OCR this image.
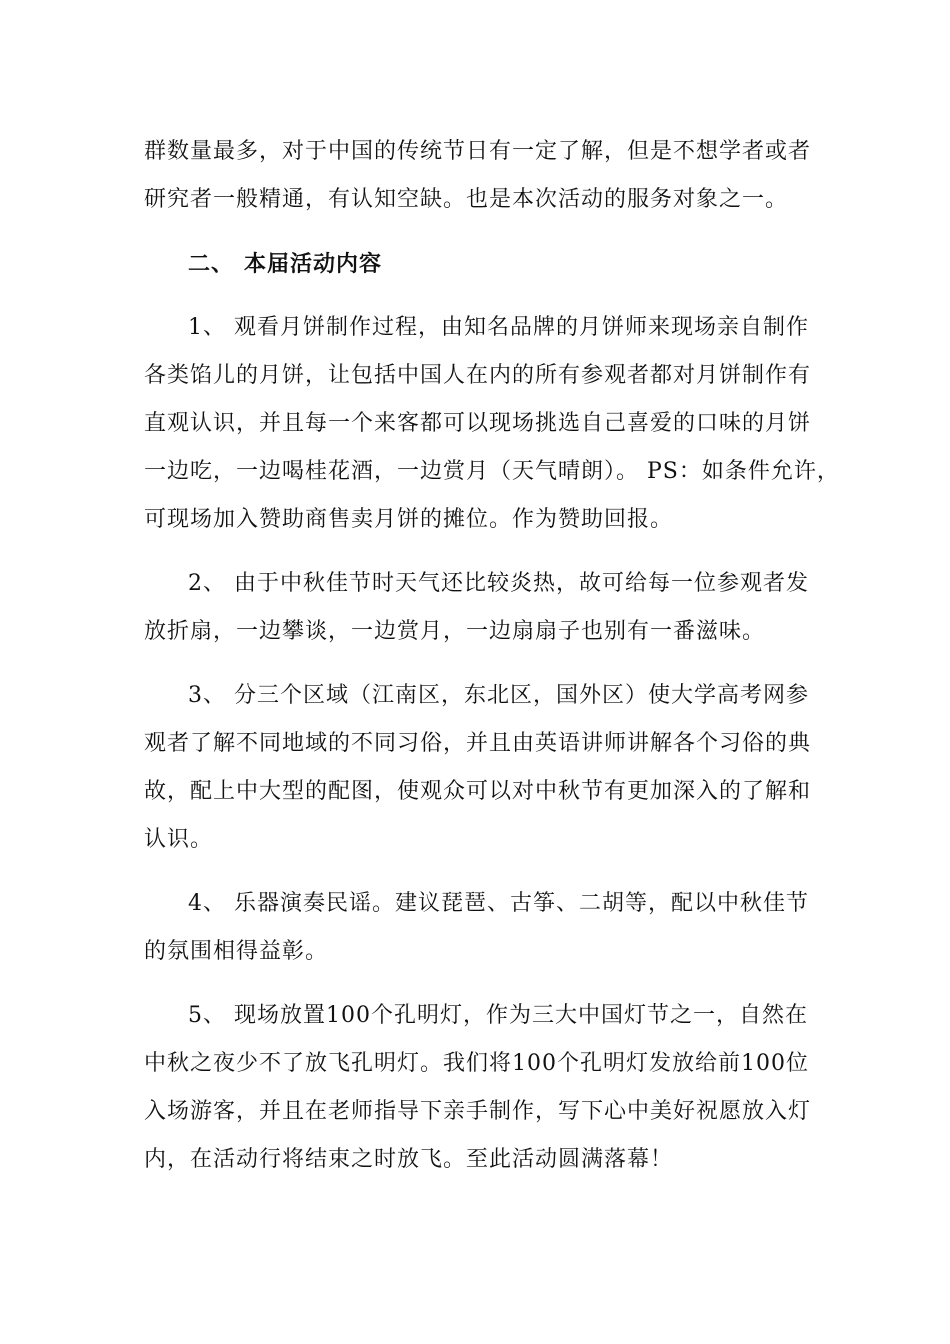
群数量最多，对于中国的传统节日有一定了解，但是不想学者或者
研究者一般精通，有认知空缺。也是本次活动的服务对象之一。
二、 本届活动内容
1、 观看月饼制作过程，由知名品牌的月饼师来现场亲自制作
各类馅儿的月饼，让包括中国人在内的所有参观者都对月饼制作有
直观认识，并且每一个来客都可以现场挑选自己喜爱的口味的月饼
一边吃，一边喝桂花酒，一边赏月（天气晴朗）。 PS：如条件允许，
可现场加入赞助商售卖月饼的摊位。作为赞助回报。
2、 由于中秋佳节时天气还比较炎热，故可给每一位参观者发
放折扇，一边攀谈，一边赏月，一边扇扇子也别有一番滋味。
3、 分三个区域（江南区，东北区，国外区）使大学高考网参
观者了解不同地域的不同习俗，并且由英语讲师讲解各个习俗的典
故，配上中大型的配图，使观众可以对中秋节有更加深入的了解和
认识。
4、 乐器演奏民谣。建议琵琶、古筝、二胡等，配以中秋佳节
的氛围相得益彰。
5、 现场放置100个孔明灯，作为三大中国灯节之一，自然在
中秋之夜少不了放飞孔明灯。我们将100个孔明灯发放给前100位
入场游客，并且在老师指导下亲手制作，写下心中美好祝愿放入灯
内，在活动行将结束之时放飞。至此活动圆满落幕！
